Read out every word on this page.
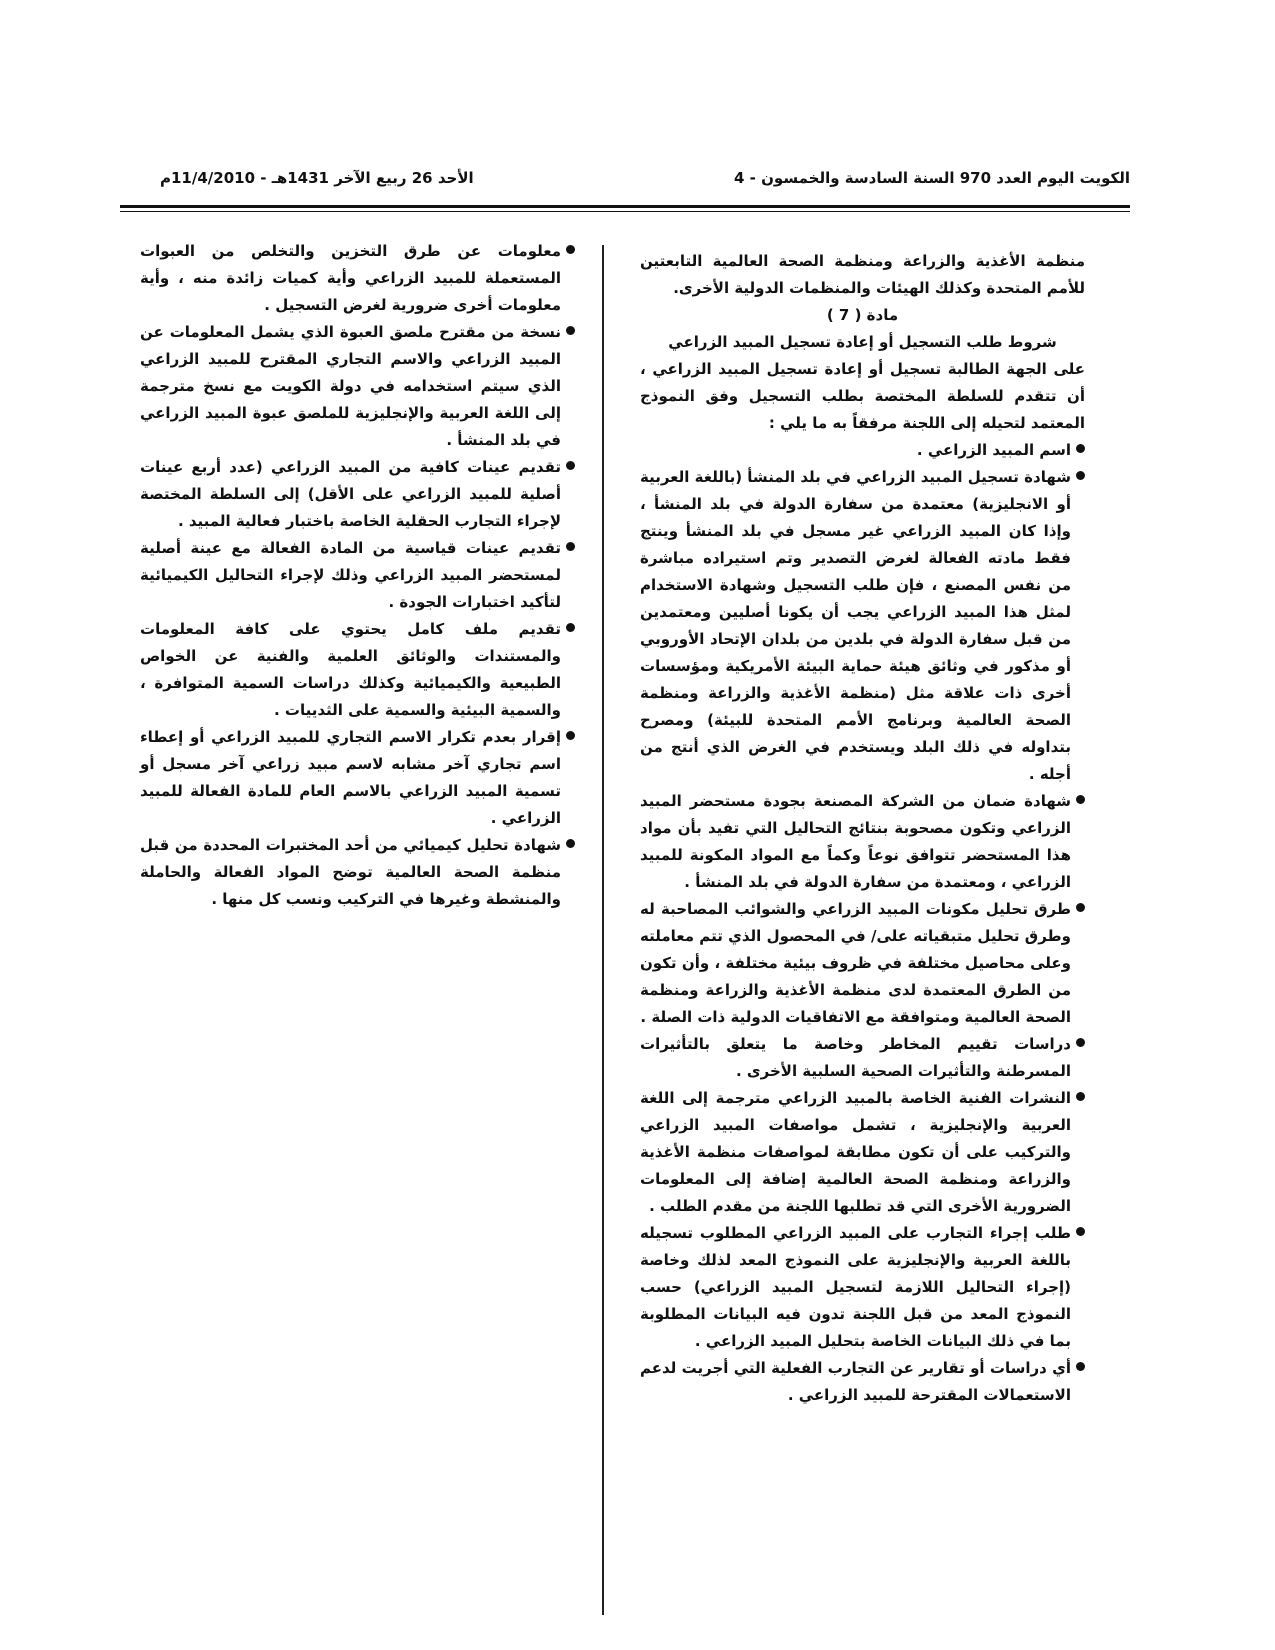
الكويت اليوم العدد 970 السنة السادسة والخمسون - 4
الأحد 26 ربيع الآخر 1431هـ - 11/4/2010م

منظمة الأغذية والزراعة ومنظمة الصحة العالمية التابعتين للأمم المتحدة وكذلك الهيئات والمنظمات الدولية الأخرى.

مادة ( 7 )

شروط طلب التسجيل أو إعادة تسجيل المبيد الزراعي

على الجهة الطالبة تسجيل أو إعادة تسجيل المبيد الزراعي ، أن تتقدم للسلطة المختصة بطلب التسجيل وفق النموذج المعتمد لتحيله إلى اللجنة مرفقاً به ما يلي :

اسم المبيد الزراعي .
شهادة تسجيل المبيد الزراعي في بلد المنشأ (باللغة العربية أو الانجليزية) معتمدة من سفارة الدولة في بلد المنشأ ، وإذا كان المبيد الزراعي غير مسجل في بلد المنشأ وينتج فقط مادته الفعالة لغرض التصدير وتم استيراده مباشرة من نفس المصنع ، فإن طلب التسجيل وشهادة الاستخدام لمثل هذا المبيد الزراعي يجب أن يكونا أصليين ومعتمدين من قبل سفارة الدولة في بلدين من بلدان الإتحاد الأوروبي أو مذكور في وثائق هيئة حماية البيئة الأمريكية ومؤسسات أخرى ذات علاقة مثل (منظمة الأغذية والزراعة ومنظمة الصحة العالمية وبرنامج الأمم المتحدة للبيئة) ومصرح بتداوله في ذلك البلد ويستخدم في الغرض الذي أنتج من أجله .
شهادة ضمان من الشركة المصنعة بجودة مستحضر المبيد الزراعي وتكون مصحوبة بنتائج التحاليل التي تفيد بأن مواد هذا المستحضر تتوافق نوعاً وكماً مع المواد المكونة للمبيد الزراعي ، ومعتمدة من سفارة الدولة في بلد المنشأ .
طرق تحليل مكونات المبيد الزراعي والشوائب المصاحبة له وطرق تحليل متبقياته على/ في المحصول الذي تتم معاملته وعلى محاصيل مختلفة في ظروف بيئية مختلفة ، وأن تكون من الطرق المعتمدة لدى منظمة الأغذية والزراعة ومنظمة الصحة العالمية ومتوافقة مع الاتفاقيات الدولية ذات الصلة .
دراسات تقييم المخاطر وخاصة ما يتعلق بالتأثيرات المسرطنة والتأثيرات الصحية السلبية الأخرى .
النشرات الفنية الخاصة بالمبيد الزراعي مترجمة إلى اللغة العربية والإنجليزية ، تشمل مواصفات المبيد الزراعي والتركيب على أن تكون مطابقة لمواصفات منظمة الأغذية والزراعة ومنظمة الصحة العالمية إضافة إلى المعلومات الضرورية الأخرى التي قد تطلبها اللجنة من مقدم الطلب .
طلب إجراء التجارب على المبيد الزراعي المطلوب تسجيله باللغة العربية والإنجليزية على النموذج المعد لذلك وخاصة (إجراء التحاليل اللازمة لتسجيل المبيد الزراعي) حسب النموذج المعد من قبل اللجنة تدون فيه البيانات المطلوبة بما في ذلك البيانات الخاصة بتحليل المبيد الزراعي .
أي دراسات أو تقارير عن التجارب الفعلية التي أجريت لدعم الاستعمالات المقترحة للمبيد الزراعي .
معلومات عن طرق التخزين والتخلص من العبوات المستعملة للمبيد الزراعي وأية كميات زائدة منه ، وأية معلومات أخرى ضرورية لغرض التسجيل .
نسخة من مقترح ملصق العبوة الذي يشمل المعلومات عن المبيد الزراعي والاسم التجاري المقترح للمبيد الزراعي الذي سيتم استخدامه في دولة الكويت مع نسخ مترجمة إلى اللغة العربية والإنجليزية للملصق عبوة المبيد الزراعي في بلد المنشأ .
تقديم عينات كافية من المبيد الزراعي (عدد أربع عينات أصلية للمبيد الزراعي على الأقل) إلى السلطة المختصة لإجراء التجارب الحقلية الخاصة باختبار فعالية المبيد .
تقديم عينات قياسية من المادة الفعالة مع عينة أصلية لمستحضر المبيد الزراعي وذلك لإجراء التحاليل الكيميائية لتأكيد اختبارات الجودة .
تقديم ملف كامل يحتوي على كافة المعلومات والمستندات والوثائق العلمية والفنية عن الخواص الطبيعية والكيميائية وكذلك دراسات السمية المتوافرة ، والسمية البيئية والسمية على الثدييات .
إقرار بعدم تكرار الاسم التجاري للمبيد الزراعي أو إعطاء اسم تجاري آخر مشابه لاسم مبيد زراعي آخر مسجل أو تسمية المبيد الزراعي بالاسم العام للمادة الفعالة للمبيد الزراعي .
شهادة تحليل كيميائي من أحد المختبرات المحددة من قبل منظمة الصحة العالمية توضح المواد الفعالة والحاملة والمنشطة وغيرها في التركيب ونسب كل منها .
